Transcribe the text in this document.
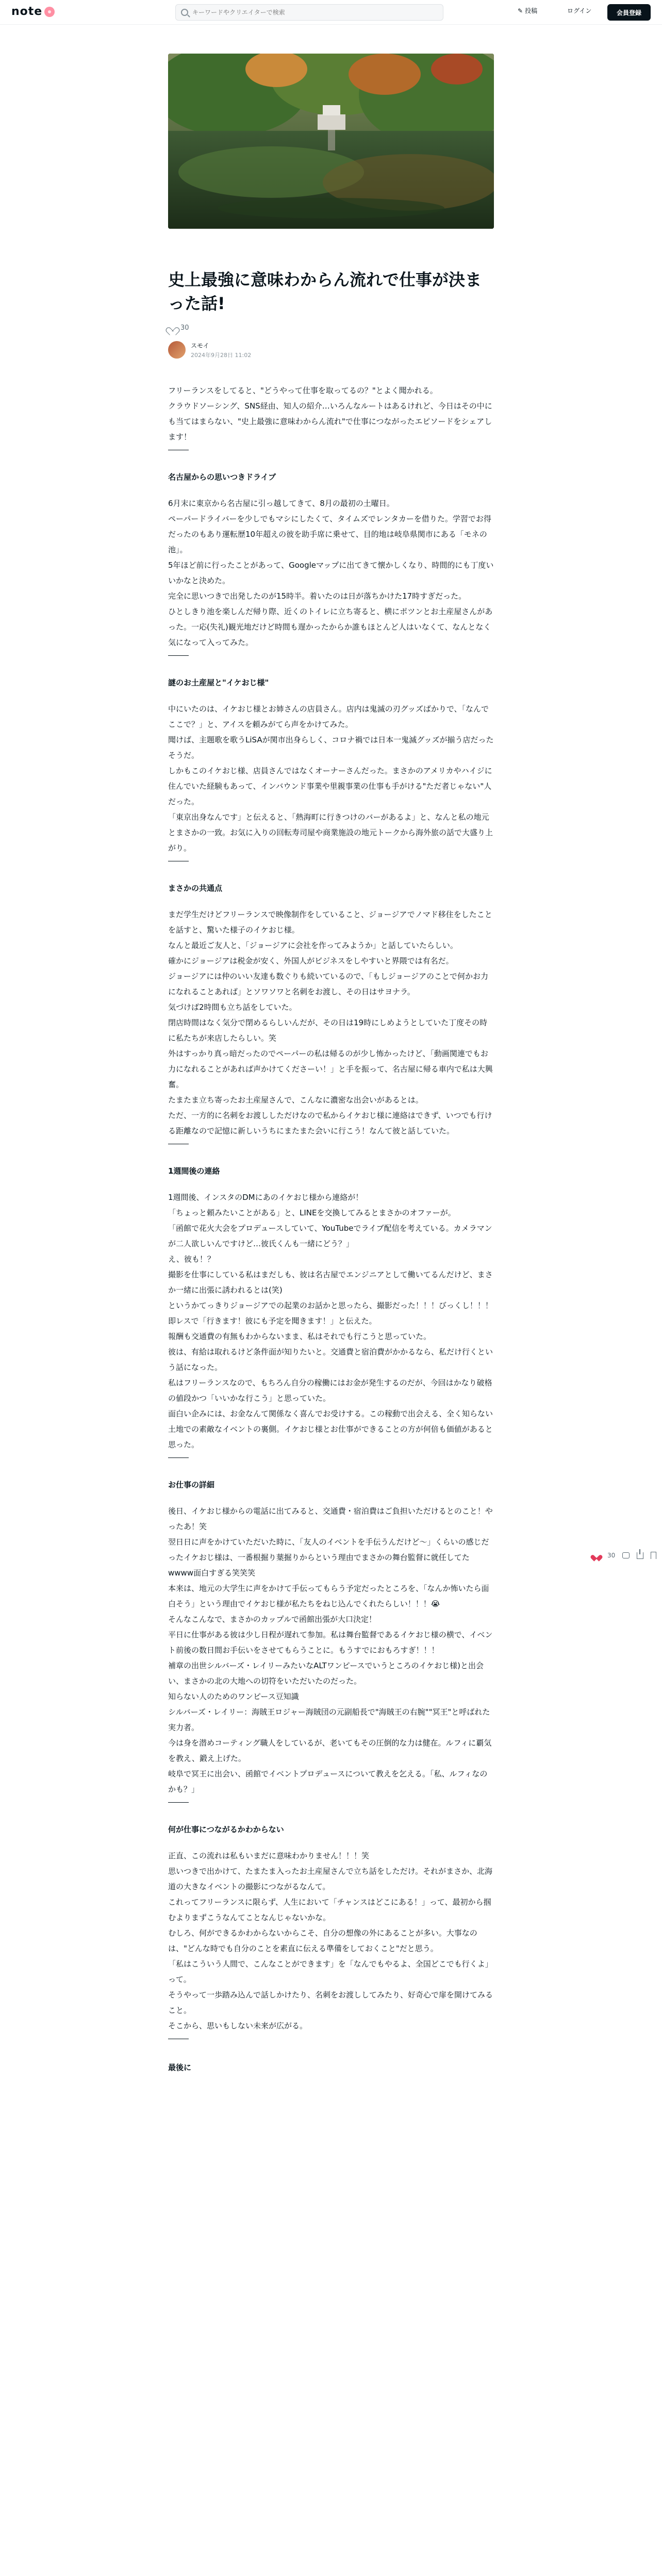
note
キーワードやクリエイターで検索	✎ 投稿	ログイン	会員登録
史上最強に意味わからん流れで仕事が決まった話!
30
スモイ
2024年9月28日 11:02

フリーランスをしてると、"どうやって仕事を取ってるの？"とよく聞かれる。
クラウドソーシング、SNS経由、知人の紹介…いろんなルートはあるけれど、今日はその中にも当てはまらない、"史上最強に意味わからん流れ"で仕事につながったエピソードをシェアします！

名古屋からの思いつきドライブ

6月末に東京から名古屋に引っ越してきて、8月の最初の土曜日。
ペーパードライバーを少しでもマシにしたくて、タイムズでレンタカーを借りた。学習でお得だったのもあり運転歴10年超えの彼を助手席に乗せて、目的地は岐阜県関市にある「モネの池」。
5年ほど前に行ったことがあって、Googleマップに出てきて懐かしくなり、時間的にも丁度いいかなと決めた。

完全に思いつきで出発したのが15時半。着いたのは日が落ちかけた17時すぎだった。
ひとしきり池を楽しんだ帰り際、近くのトイレに立ち寄ると、横にポツンとお土産屋さんがあった。一応(失礼)観光地だけど時間も遅かったからか誰もほとんど人はいなくて、なんとなく気になって入ってみた。

謎のお土産屋と"イケおじ様"

中にいたのは、イケおじ様とお姉さんの店員さん。店内は鬼滅の刃グッズばかりで、「なんでここで？」と、アイスを頼みがてら声をかけてみた。
聞けば、主題歌を歌うLiSAが関市出身らしく、コロナ禍では日本一鬼滅グッズが揃う店だったそうだ。

しかもこのイケおじ様、店員さんではなくオーナーさんだった。まさかのアメリカやハイジに住んでいた経験もあって、インバウンド事業や里親事業の仕事も手がける"ただ者じゃない"人だった。

「東京出身なんです」と伝えると、「熱海町に行きつけのバーがあるよ」と、なんと私の地元とまさかの一致。お気に入りの回転寿司屋や商業施設の地元トークから海外旅の話で大盛り上がり。

まさかの共通点

まだ学生だけどフリーランスで映像制作をしていること、ジョージアでノマド移住をしたことを話すと、驚いた様子のイケおじ様。
なんと最近ご友人と、「ジョージアに会社を作ってみようか」と話していたらしい。
確かにジョージアは税金が安く、外国人がビジネスをしやすいと界隈では有名だ。

ジョージアには仲のいい友達も数ぐりも続いているので、「もしジョージアのことで何かお力になれることあれば」とソワソワと名刺をお渡し、その日はサヨナラ。
気づけば2時間も立ち話をしていた。
閉店時間はなく気分で閉めるらしいんだが、その日は19時にしめようとしていた丁度その時に私たちが来店したらしい。笑

外はすっかり真っ暗だったのでペーパーの私は帰るのが少し怖かったけど、「動画関連でもお力になれることがあれば声かけてくださーい！」と手を振って、名古屋に帰る車内で私は大興奮。

たまたま立ち寄ったお土産屋さんで、こんなに濃密な出会いがあるとは。
ただ、一方的に名刺をお渡ししただけなので私からイケおじ様に連絡はできず、いつでも行ける距離なので記憶に新しいうちにまたまた会いに行こう！なんて彼と話していた。

1週間後の連絡

1週間後、インスタのDMにあのイケおじ様から連絡が！
「ちょっと頼みたいことがある」と、LINEを交換してみるとまさかのオファーが。

「函館で花火大会をプロデュースしていて、YouTubeでライブ配信を考えている。カメラマンが二人欲しいんですけど…彼氏くんも一緒にどう？」

え、彼も！？

撮影を仕事にしている私はまだしも、彼は名古屋でエンジニアとして働いてるんだけど、まさか一緒に出張に誘われるとは(笑)
というかてっきりジョージアでの起業のお話かと思ったら、撮影だった！！！びっくし！！！

即レスで「行きます！彼にも予定を聞きます！」と伝えた。
報酬も交通費の有無もわからないまま、私はそれでも行こうと思っていた。
彼は、有給は取れるけど条件面が知りたいと。交通費と宿泊費がかかるなら、私だけ行くという話になった。

私はフリーランスなので、もちろん自分の稼働にはお金が発生するのだが、今回はかなり破格の値段かつ「いいかな行こう」と思っていた。
面白い企みには、お金なんて関係なく喜んでお受けする。この稼動で出会える、全く知らない土地での素敵なイベントの裏側。イケおじ様とお仕事ができることの方が何倍も価値があると思った。

お仕事の詳細

後日、イケおじ様からの電話に出てみると、交通費・宿泊費はご負担いただけるとのこと！やったあ！笑
翌日日に声をかけていただいた時に、「友人のイベントを手伝うんだけど〜」くらいの感じだったイケおじ様は、一番根掘り葉掘りからという理由でまさかの舞台監督に就任してたwwww面白すぎる笑笑笑

本来は、地元の大学生に声をかけて手伝ってもらう予定だったところを、「なんか怖いたら面白そう」という理由でイケおじ様が私たちをねじ込んでくれたらしい！！！😭

そんなこんなで、まさかのカップルで函館出張が大口決定！
平日に仕事がある彼は少し日程が遅れて参加。私は舞台監督であるイケおじ様の横で、イベント前後の数日間お手伝いをさせてもらうことに。もうすでにおもろすぎ！！！

補章の出世シルバーズ・レイリーみたいなALTワンピースでいうところのイケおじ様)と出会い、まさかの北の大地への切符をいただいたのだった。

知らない人のためのワンピース豆知識
シルバーズ・レイリー：海賊王ロジャー海賊団の元副船長で"海賊王の右腕""冥王"と呼ばれた実力者。
今は身を潜めコーティング職人をしているが、老いてもその圧倒的な力は健在。ルフィに覇気を教え、鍛え上げた。

岐阜で冥王に出会い、函館でイベントプロデュースについて教えを乞える。「私、ルフィなのかも？」

何が仕事につながるかわからない

正直、この流れは私もいまだに意味わかりません！！！笑
思いつきで出かけて、たまたま入ったお土産屋さんで立ち話をしただけ。それがまさか、北海道の大きなイベントの撮影につながるなんて。

これってフリーランスに限らず、人生において「チャンスはどこにある！」って、最初から掴むよりまずこうなんてことなんじゃないかな。

むしろ、何ができるかわからないからこそ、自分の想像の外にあることが多い。大事なのは、"どんな時でも自分のことを素直に伝える準備をしておくこと"だと思う。
「私はこういう人間で、こんなことができます」を「なんでもやるよ、全国どこでも行くよ」って。

そうやって一歩踏み込んで話しかけたり、名刺をお渡ししてみたり、好奇心で扉を開けてみること。
そこから、思いもしない未来が広がる。

最後に
30
